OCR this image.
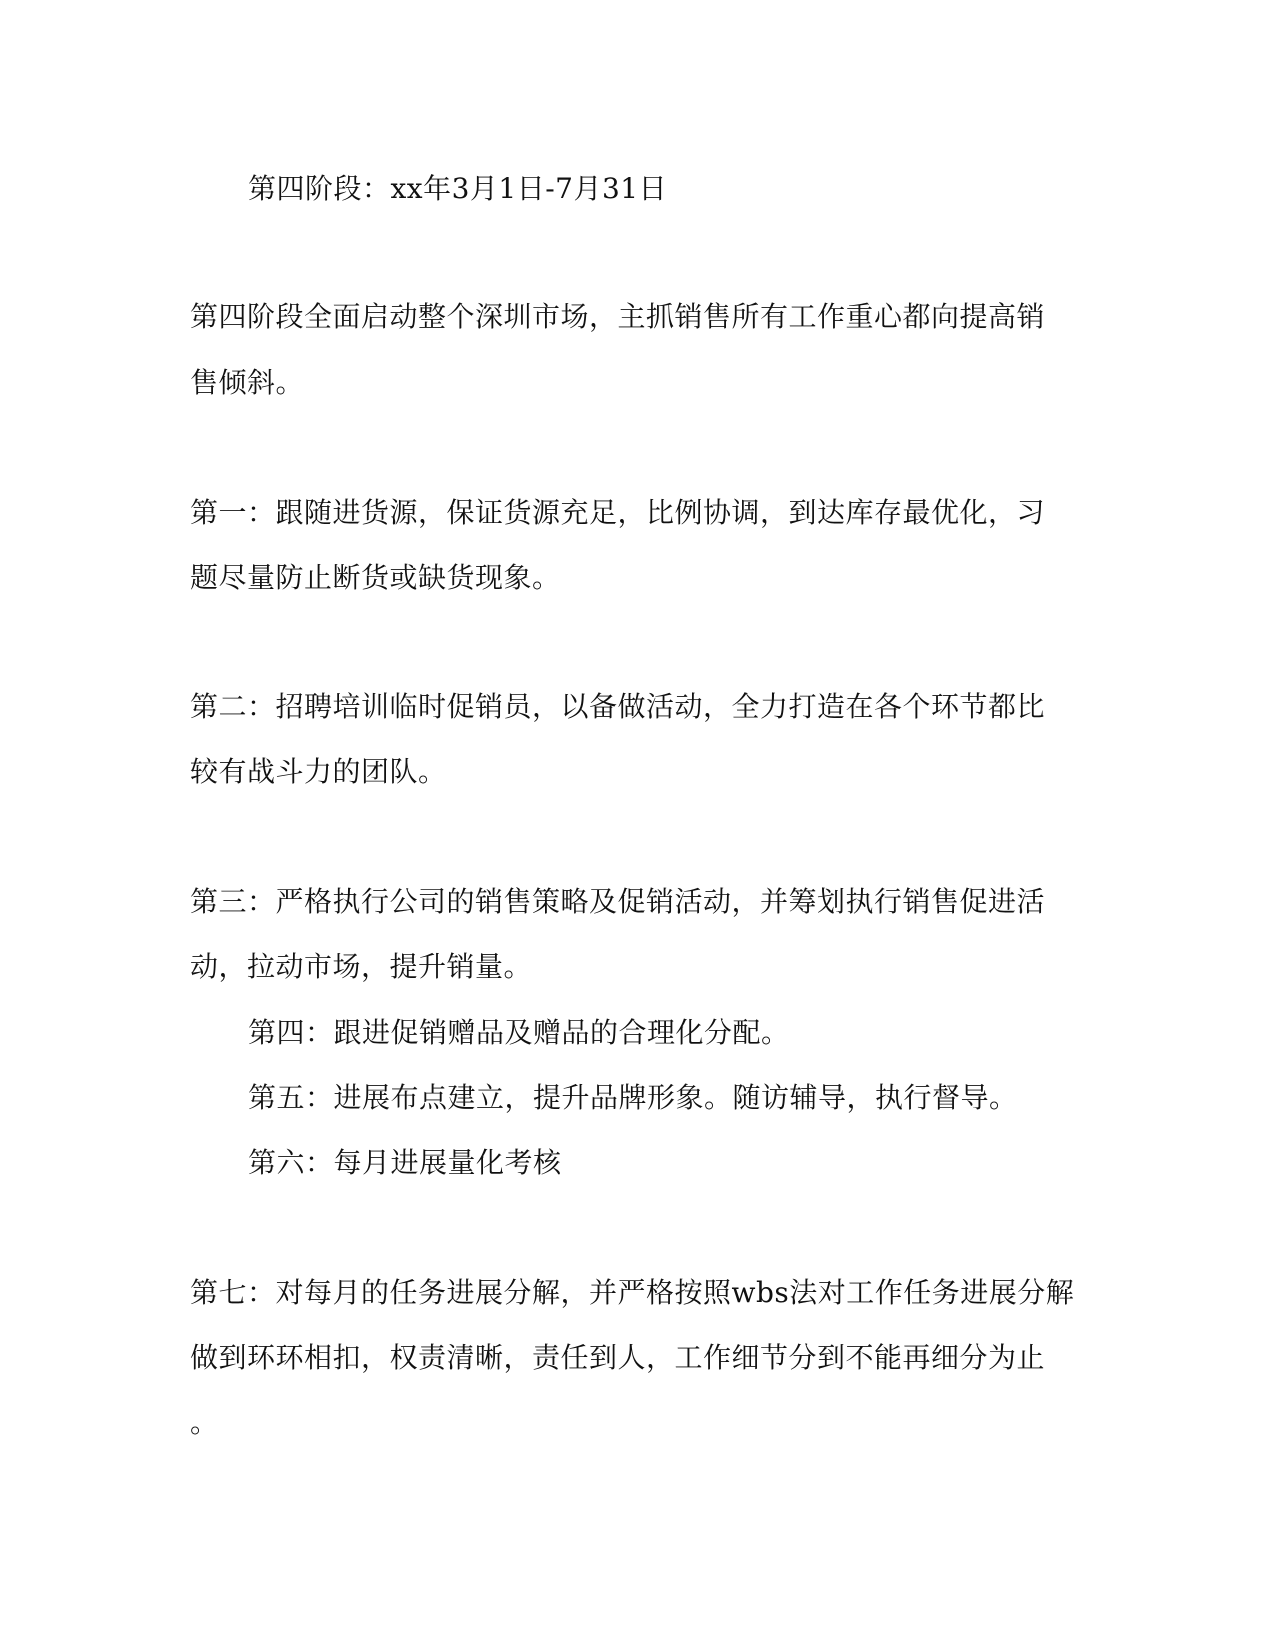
第四阶段：xx年3月1日-7月31日
第四阶段全面启动整个深圳市场，主抓销售所有工作重心都向提高销
售倾斜。
第一：跟随进货源，保证货源充足，比例协调，到达库存最优化，习
题尽量防止断货或缺货现象。
第二：招聘培训临时促销员，以备做活动，全力打造在各个环节都比
较有战斗力的团队。
第三：严格执行公司的销售策略及促销活动，并筹划执行销售促进活
动，拉动市场，提升销量。
第四：跟进促销赠品及赠品的合理化分配。
第五：进展布点建立，提升品牌形象。随访辅导，执行督导。
第六：每月进展量化考核
第七：对每月的任务进展分解，并严格按照wbs法对工作任务进展分解
做到环环相扣，权责清晰，责任到人，工作细节分到不能再细分为止
。
